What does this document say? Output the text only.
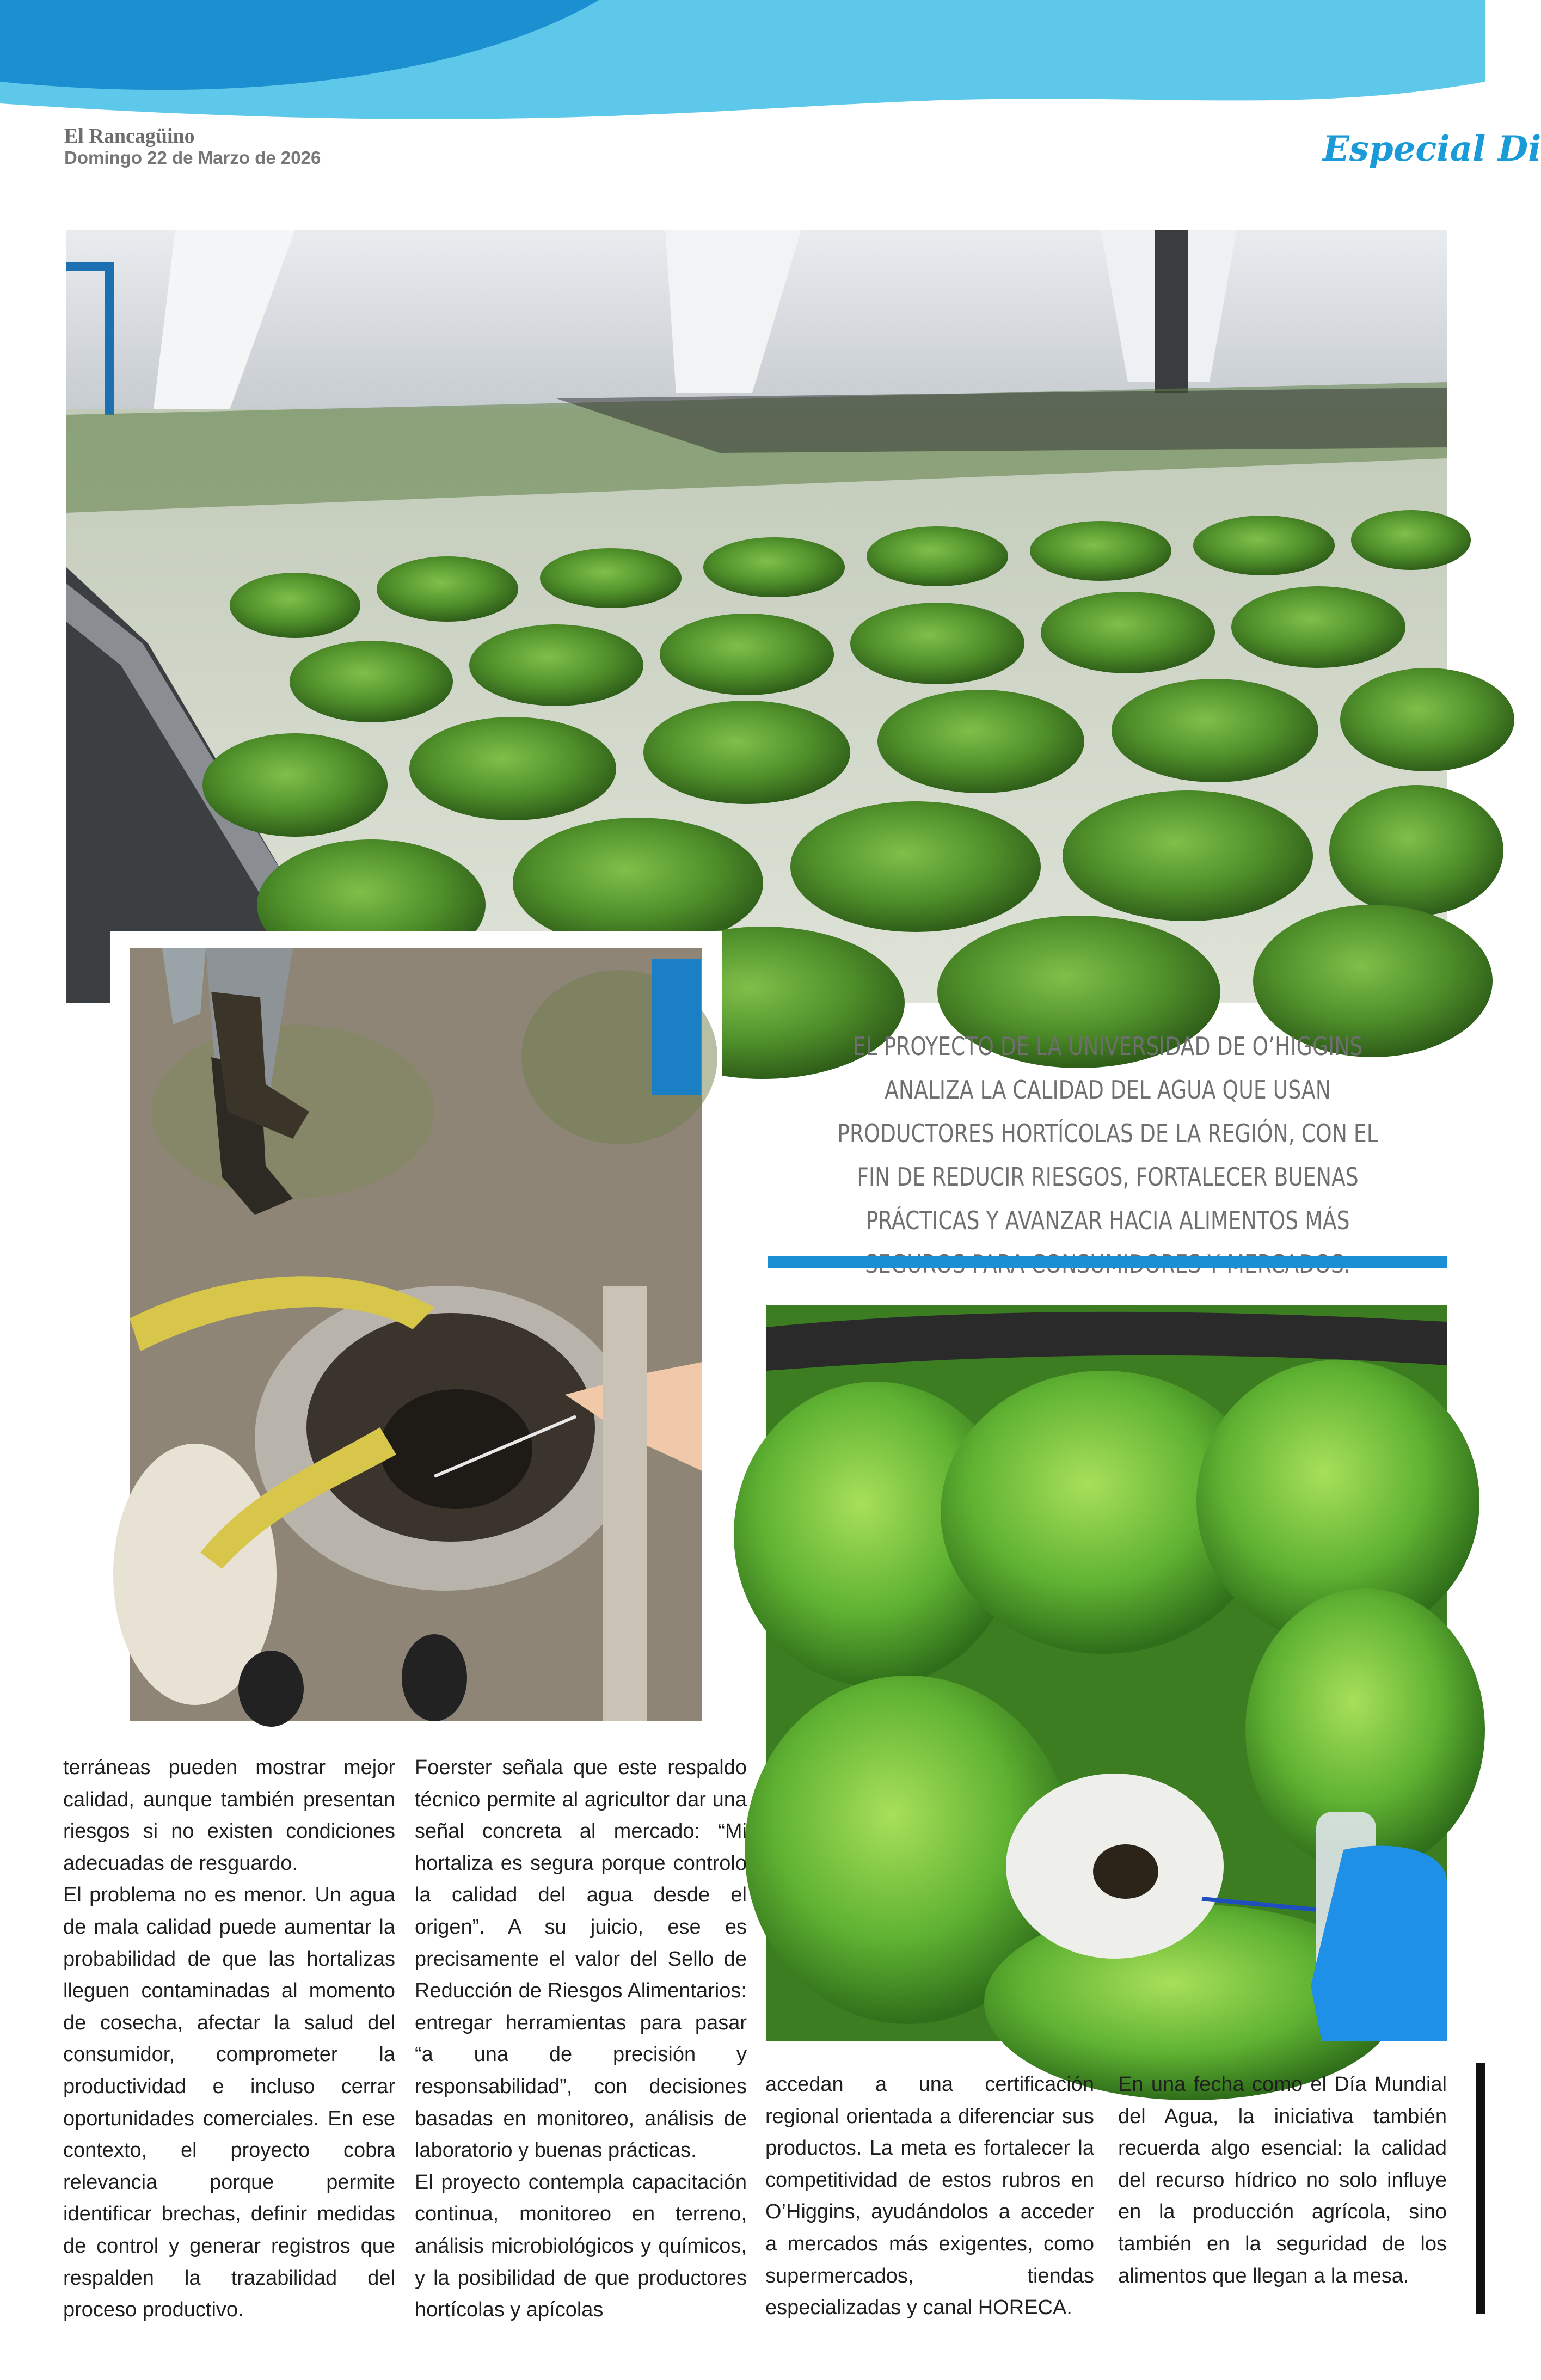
El Rancagüino
Domingo 22 de Marzo de 2026	Especial Di
EL PROYECTO DE LA UNIVERSIDAD DE O’HIGGINS ANALIZA LA CALIDAD DEL AGUA QUE USAN PRODUCTORES HORTÍCOLAS DE LA REGIÓN, CON EL FIN DE REDUCIR RIESGOS, FORTALECER BUENAS PRÁCTICAS Y AVANZAR HACIA ALIMENTOS MÁS

terráneas pueden mostrar mejor calidad, aunque también presentan riesgos si no existen condiciones adecuadas de resguardo.

El problema no es menor. Un agua de mala calidad puede aumentar la probabilidad de que las hortalizas lleguen contaminadas al momento de cosecha, afectar la salud del consumidor, comprometer la productividad e incluso cerrar oportunidades comerciales. En ese contexto, el proyecto cobra relevancia porque permite identificar brechas, definir medidas de control y generar registros que respalden la trazabilidad del proceso productivo.

Foerster señala que este respaldo técnico permite al agricultor dar una señal concreta al mercado: “Mi hortaliza es segura porque controlo la calidad del agua desde el origen”. A su juicio, ese es precisamente el valor del Sello de Reducción de Riesgos Alimentarios: entregar herramientas para pasar “a una de precisión y responsabilidad”, con decisiones basadas en monitoreo, análisis de laboratorio y buenas prácticas.

El proyecto contempla capacitación continua, monitoreo en terreno, análisis microbiológicos y químicos, y la posibilidad de que productores hortícolas y apícolas

accedan a una certificación regional orientada a diferenciar sus productos. La meta es fortalecer la competitividad de estos rubros en O’Higgins, ayudándolos a acceder a mercados más exigentes, como supermercados, tiendas especializadas y canal HORECA.

En una fecha como el Día Mundial del Agua, la iniciativa también recuerda algo esencial: la calidad del recurso hídrico no solo influye en la producción agrícola, sino también en la seguridad de los alimentos que llegan a la mesa.
